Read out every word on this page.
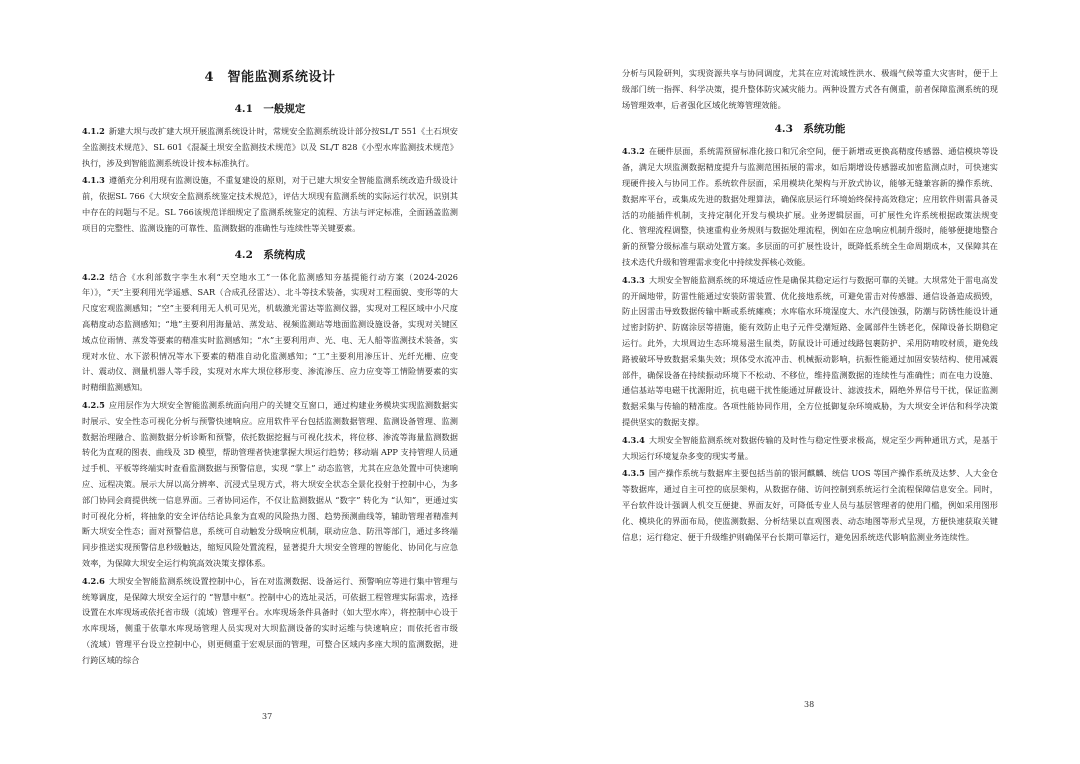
4　智能监测系统设计
4.1　一般规定

4.1.2 新建大坝与改扩建大坝开展监测系统设计时，常规安全监测系统设计部分按SL/T 551《土石坝安全监测技术规范》、SL 601《混凝土坝安全监测技术规范》以及 SL/T 828《小型水库监测技术规范》执行，涉及到智能监测系统设计按本标准执行。

4.1.3 遵循充分利用现有监测设施，不重复建设的原则，对于已建大坝安全智能监测系统改造升级设计前，依据SL 766《大坝安全监测系统鉴定技术规范》，评估大坝现有监测系统的实际运行状况，识别其中存在的问题与不足。SL 766该规范详细规定了监测系统鉴定的流程、方法与评定标准，全面涵盖监测项目的完整性、监测设施的可靠性、监测数据的准确性与连续性等关键要素。

4.2　系统构成

4.2.2 结合《水利部数字孪生水利“天空地水工”一体化监测感知夯基提能行动方案（2024-2026年）》，“天”主要利用光学遥感、SAR（合成孔径雷达）、北斗等技术装备，实现对工程面貌、变形等的大尺度宏观监测感知；“空”主要利用无人机可见光，机载激光雷达等监测仪器，实现对工程区域中小尺度高精度动态监测感知；“地”主要利用海量站、蒸发站、视频监测站等地面监测设施设备，实现对关键区域点位雨情、蒸发等要素的精准实时监测感知；“水”主要利用声、光、电、无人船等监测技术装备，实现对水位、水下淤积情况等水下要素的精准自动化监测感知；“工”主要利用渗压计、光纤光栅、应变计、震动仪、测量机器人等手段，实现对水库大坝位移形变、渗流渗压、应力应变等工情险情要素的实时精细监测感知。

4.2.5 应用层作为大坝安全智能监测系统面向用户的关键交互窗口，通过构建业务模块实现监测数据实时展示、安全性态可视化分析与预警快速响应。应用软件平台包括监测数据管理、监测设备管理、监测数据治理融合、监测数据分析诊断和预警，依托数据挖掘与可视化技术，将位移、渗流等海量监测数据转化为直观的图表、曲线及 3D 模型，帮助管理者快速掌握大坝运行趋势；移动端 APP 支持管理人员通过手机、平板等终端实时查看监测数据与预警信息，实现 “掌上” 动态监管，尤其在应急处置中可快速响应、远程决策。展示大屏以高分辨率、沉浸式呈现方式，将大坝安全状态全景化投射于控制中心，为多部门协同会商提供统一信息界面。三者协同运作，不仅让监测数据从 “数字” 转化为 “认知”，更通过实时可视化分析，将抽象的安全评估结论具象为直观的风险热力图、趋势预测曲线等，辅助管理者精准判断大坝安全性态；面对预警信息，系统可自动触发分级响应机制，联动应急、防汛等部门，通过多终端同步推送实现预警信息秒级触达，缩短风险处置流程，显著提升大坝安全管理的智能化、协同化与应急效率，为保障大坝安全运行构筑高效决策支撑体系。

4.2.6 大坝安全智能监测系统设置控制中心，旨在对监测数据、设备运行、预警响应等进行集中管理与统筹调度，是保障大坝安全运行的 “智慧中枢”。控制中心的选址灵活，可依据工程管理实际需求，选择设置在水库现场或依托省市级（流域）管理平台。水库现场条件具备时（如大型水库），将控制中心设于水库现场，侧重于依靠水库现场管理人员实现对大坝监测设备的实时运维与快速响应；而依托省市级（流域）管理平台设立控制中心，则更侧重于宏观层面的管理，可整合区域内多座大坝的监测数据，进行跨区域的综合

37

分析与风险研判，实现资源共享与协同调度，尤其在应对流域性洪水、极端气候等重大灾害时，便于上级部门统一指挥、科学决策，提升整体防灾减灾能力。两种设置方式各有侧重，前者保障监测系统的现场管理效率，后者强化区域化统筹管理效能。

4.3　系统功能

4.3.2 在硬件层面，系统需预留标准化接口和冗余空间，便于新增或更换高精度传感器、通信模块等设备，满足大坝监测数据精度提升与监测范围拓展的需求，如后期增设传感器或加密监测点时，可快速实现硬件接入与协同工作。系统软件层面，采用模块化架构与开放式协议，能够无缝兼容新的操作系统、数据库平台，或集成先进的数据处理算法，确保底层运行环境始终保持高效稳定；应用软件则需具备灵活的功能插件机制，支持定制化开发与模块扩展。业务逻辑层面，可扩展性允许系统根据政策法规变化、管理流程调整，快速重构业务规则与数据处理流程，例如在应急响应机制升级时，能够便捷地整合新的预警分级标准与联动处置方案。多层面的可扩展性设计，既降低系统全生命周期成本，又保障其在技术迭代升级和管理需求变化中持续发挥核心效能。

4.3.3 大坝安全智能监测系统的环境适应性是确保其稳定运行与数据可靠的关键。大坝常处于雷电高发的开阔地带，防雷性能通过安装防雷装置、优化接地系统，可避免雷击对传感器、通信设备造成损毁，防止因雷击导致数据传输中断或系统瘫痪；水库临水环境湿度大、水汽侵蚀强，防潮与防锈性能设计通过密封防护、防腐涂层等措施，能有效防止电子元件受潮短路、金属部件生锈老化，保障设备长期稳定运行。此外，大坝周边生态环境易滋生鼠类，防鼠设计可通过线路包裹防护、采用防啃咬材质，避免线路被破坏导致数据采集失效；坝体受水流冲击、机械振动影响，抗振性能通过加固安装结构、使用减震部件，确保设备在持续振动环境下不松动、不移位，维持监测数据的连续性与准确性；而在电力设施、通信基站等电磁干扰源附近，抗电磁干扰性能通过屏蔽设计、滤波技术，隔绝外界信号干扰，保证监测数据采集与传输的精准度。各项性能协同作用，全方位抵御复杂环境威胁，为大坝安全评估和科学决策提供坚实的数据支撑。

4.3.4 大坝安全智能监测系统对数据传输的及时性与稳定性要求极高，规定至少两种通讯方式，是基于大坝运行环境复杂多变的现实考量。

4.3.5 国产操作系统与数据库主要包括当前的银河麒麟、统信 UOS 等国产操作系统及达梦、人大金仓等数据库，通过自主可控的底层架构，从数据存储、访问控制到系统运行全流程保障信息安全。同时，平台软件设计强调人机交互便捷、界面友好，可降低专业人员与基层管理者的使用门槛，例如采用图形化、模块化的界面布局，使监测数据、分析结果以直观图表、动态地图等形式呈现，方便快速获取关键信息；运行稳定、便于升级维护则确保平台长期可靠运行，避免因系统迭代影响监测业务连续性。

38
